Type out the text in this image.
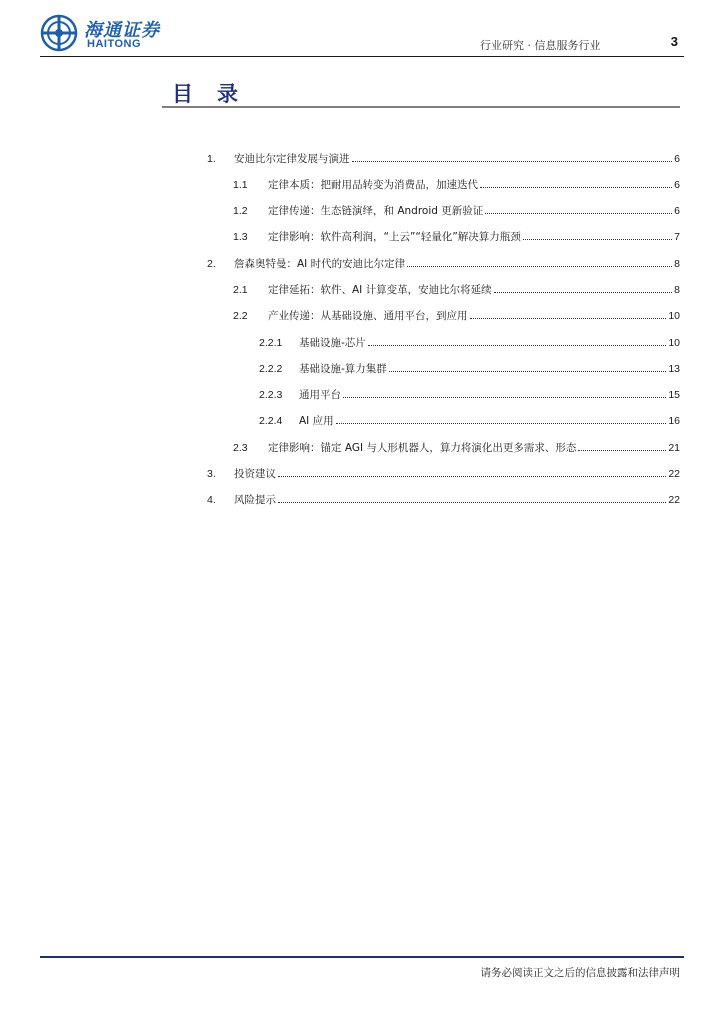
海通证券
HAITONG	行业研究 · 信息服务行业	3
目录
1.	安迪比尔定律发展与演进	6
1.1	定律本质：把耐用品转变为消费品，加速迭代	6
1.2	定律传递：生态链演绎，和 Android 更新验证	6
1.3	定律影响：软件高利润，“上云”“轻量化”解决算力瓶颈	7
2.	詹森奥特曼：AI 时代的安迪比尔定律	8
2.1	定律延拓：软件、AI 计算变革，安迪比尔将延续	8
2.2	产业传递：从基础设施、通用平台，到应用	10
2.2.1	基础设施-芯片	10
2.2.2	基础设施-算力集群	13
2.2.3	通用平台	15
2.2.4	AI 应用	16
2.3	定律影响：锚定 AGI 与人形机器人，算力将演化出更多需求、形态	21
3.	投资建议	22
4.	风险提示	22
请务必阅读正文之后的信息披露和法律声明
